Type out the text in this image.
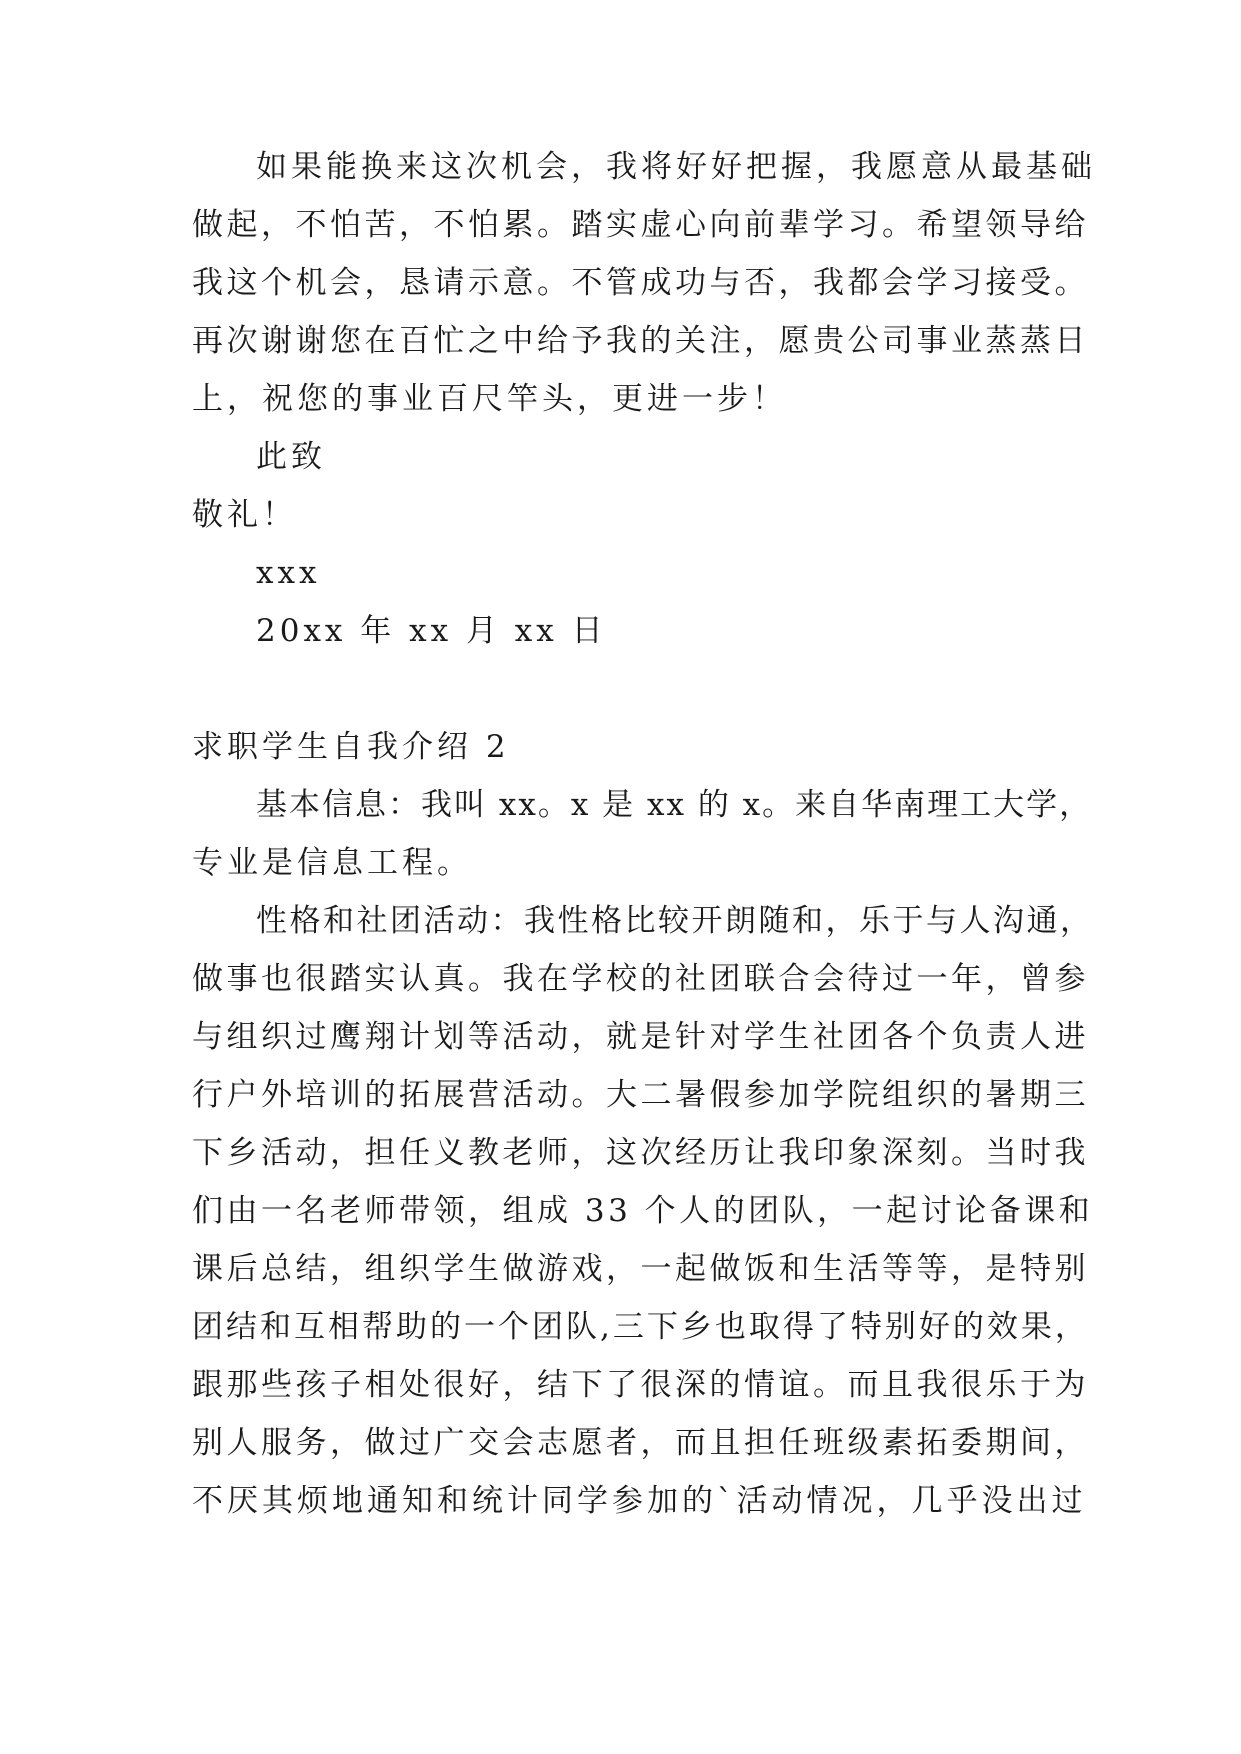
如果能换来这次机会，我将好好把握，我愿意从最基础
做起，不怕苦，不怕累。踏实虚心向前辈学习。希望领导给
我这个机会，恳请示意。不管成功与否，我都会学习接受。
再次谢谢您在百忙之中给予我的关注，愿贵公司事业蒸蒸日
上，祝您的事业百尺竿头，更进一步！
此致
敬礼！
xxx
20xx 年 xx 月 xx 日
求职学生自我介绍 2
基本信息：我叫 xx。x 是 xx 的 x。来自华南理工大学，
专业是信息工程。
性格和社团活动：我性格比较开朗随和，乐于与人沟通，
做事也很踏实认真。我在学校的社团联合会待过一年，曾参
与组织过鹰翔计划等活动，就是针对学生社团各个负责人进
行户外培训的拓展营活动。大二暑假参加学院组织的暑期三
下乡活动，担任义教老师，这次经历让我印象深刻。当时我
们由一名老师带领，组成 33 个人的团队，一起讨论备课和
课后总结，组织学生做游戏，一起做饭和生活等等，是特别
团结和互相帮助的一个团队,三下乡也取得了特别好的效果，
跟那些孩子相处很好，结下了很深的情谊。而且我很乐于为
别人服务，做过广交会志愿者，而且担任班级素拓委期间，
不厌其烦地通知和统计同学参加的`活动情况，几乎没出过
